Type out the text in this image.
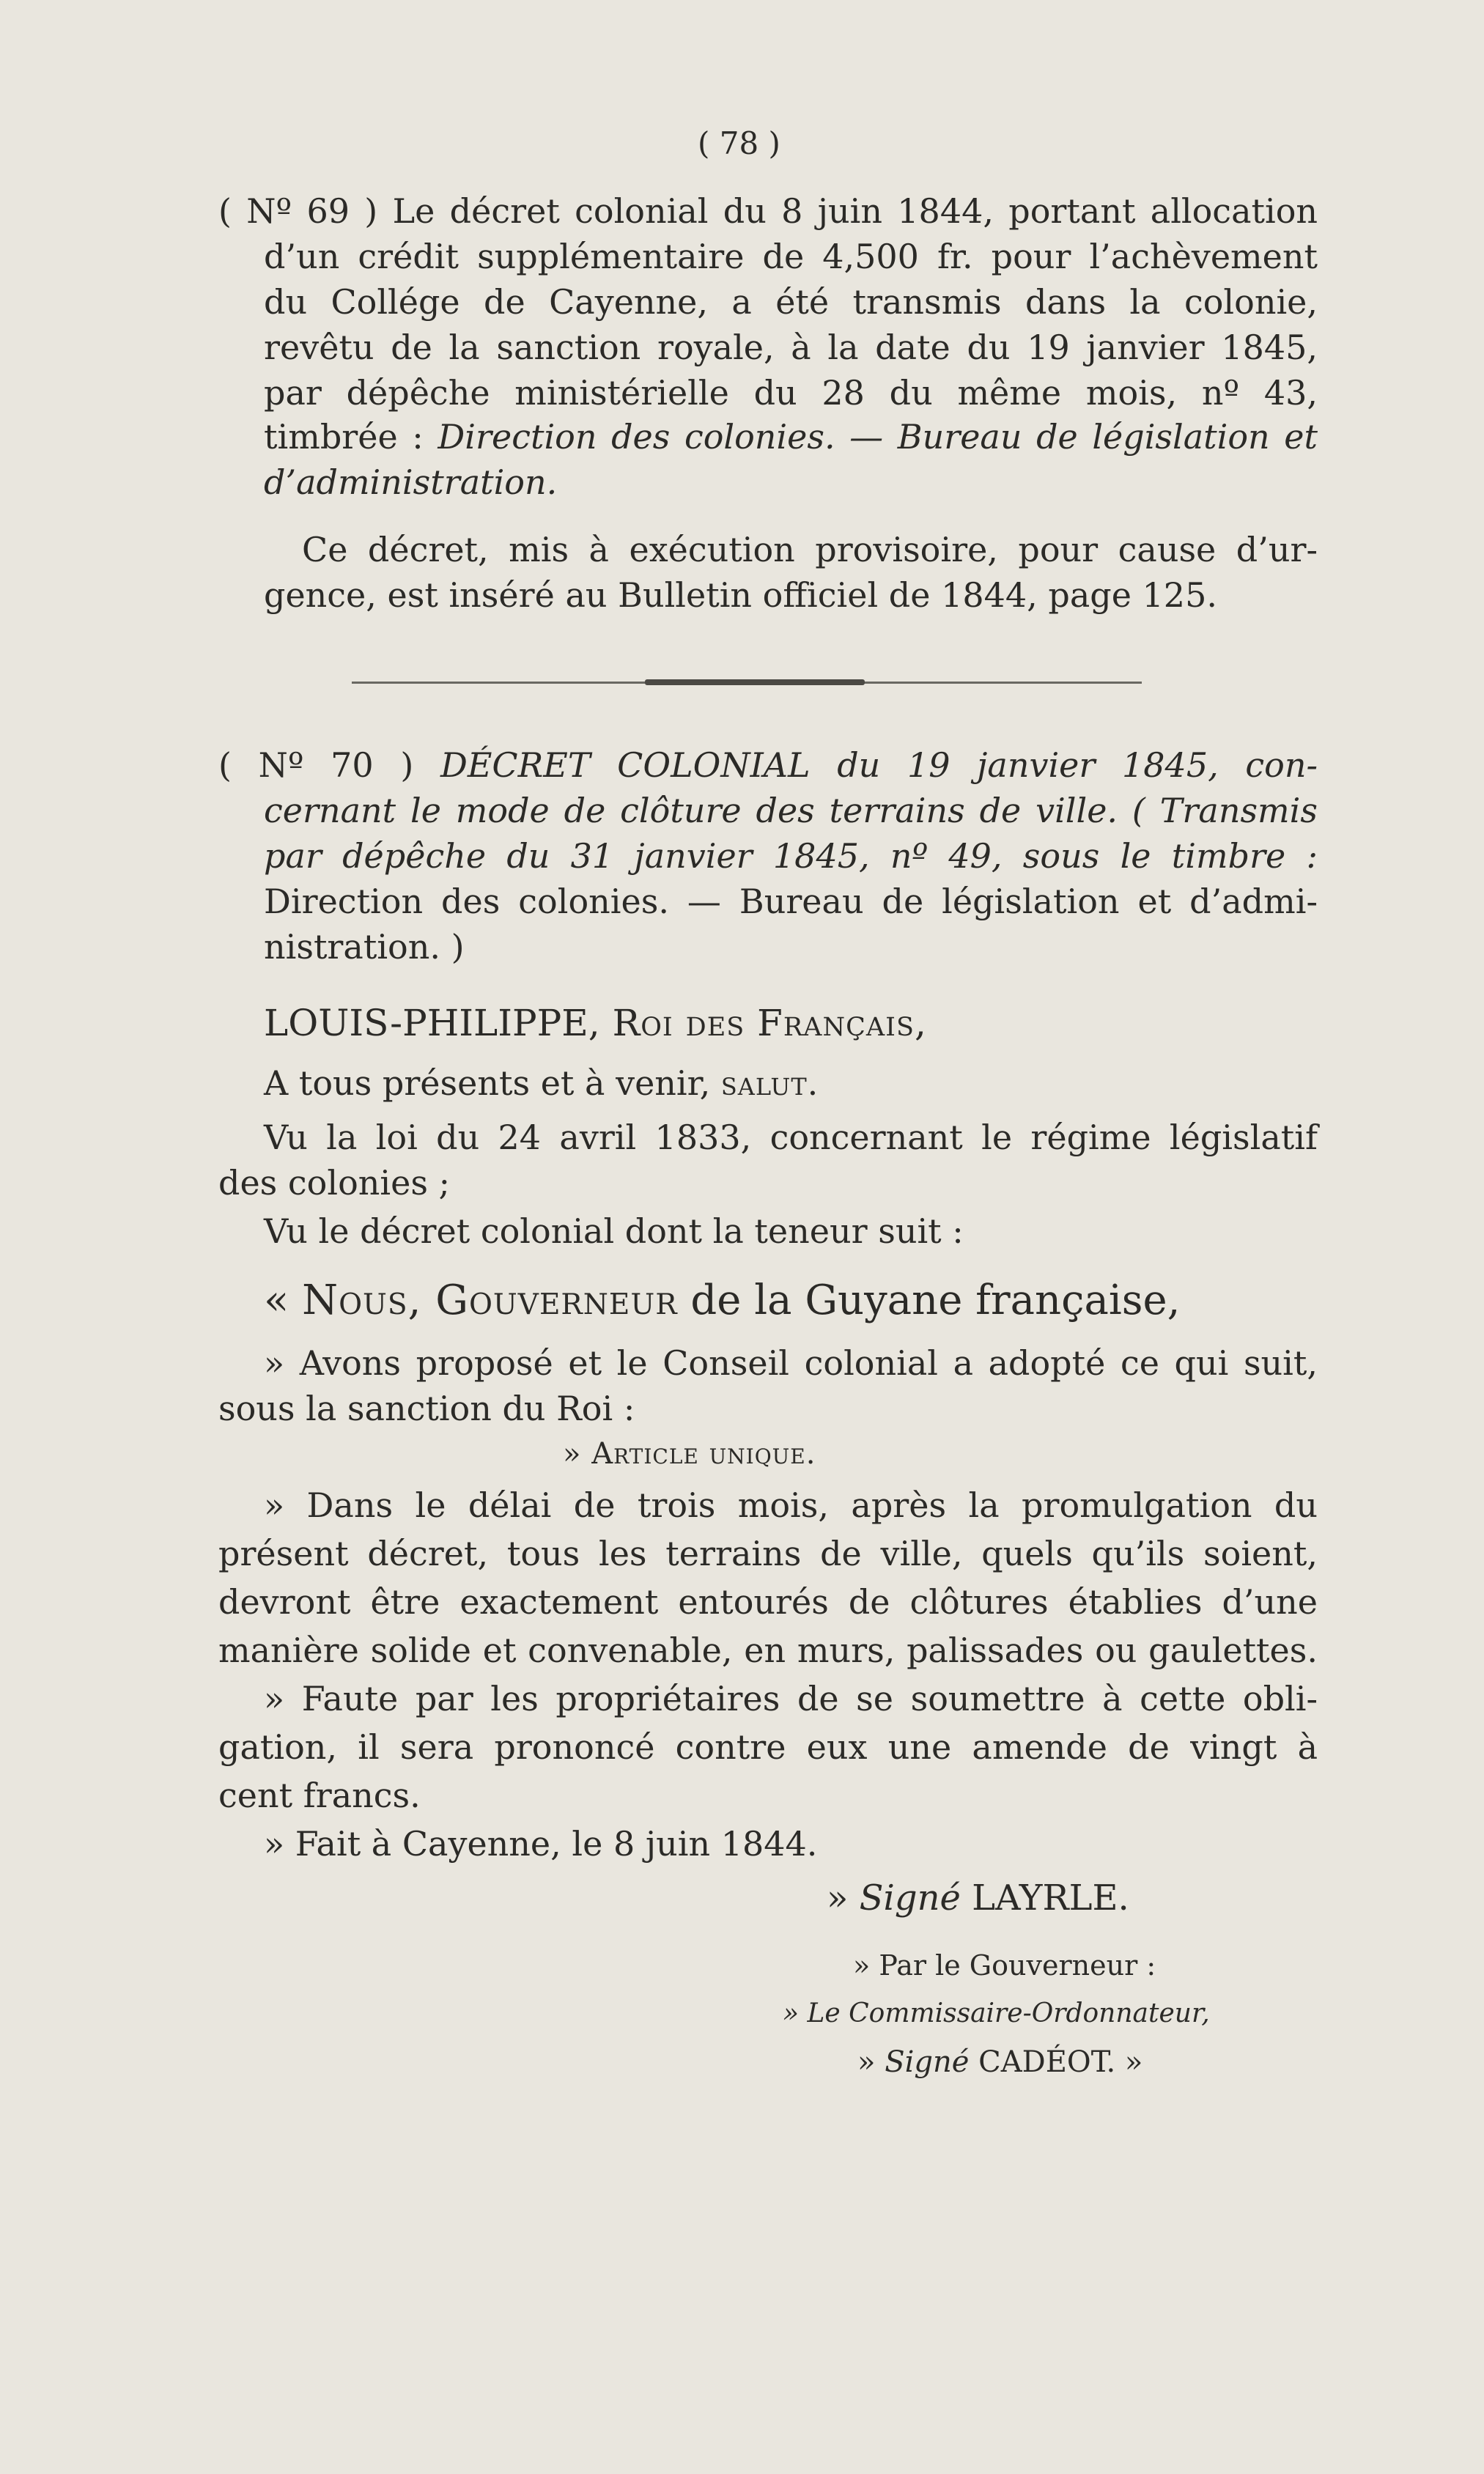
( 78 )
( Nº 69 ) Le décret colonial du 8 juin 1844, portant allocation
d’un crédit supplémentaire de 4,500 fr. pour l’achèvement
du Collége de Cayenne, a été transmis dans la colonie,
revêtu de la sanction royale, à la date du 19 janvier 1845,
par dépêche ministérielle du 28 du même mois, nº 43,
timbrée : Direction des colonies. — Bureau de législation et
d’administration.
Ce décret, mis à exécution provisoire, pour cause d’ur-
gence, est inséré au Bulletin officiel de 1844, page 125.
( Nº 70 ) DÉCRET COLONIAL du 19 janvier 1845, con-
cernant le mode de clôture des terrains de ville. ( Transmis
par dépêche du 31 janvier 1845, nº 49, sous le timbre :
Direction des colonies. — Bureau de législation et d’admi-
nistration. )
LOUIS-PHILIPPE, Roi des Français,
A tous présents et à venir, salut.
Vu la loi du 24 avril 1833, concernant le régime législatif
des colonies ;
Vu le décret colonial dont la teneur suit :
« Nous, Gouverneur de la Guyane française,
» Avons proposé et le Conseil colonial a adopté ce qui suit,
sous la sanction du Roi :
» Article unique.
» Dans le délai de trois mois, après la promulgation du
présent décret, tous les terrains de ville, quels qu’ils soient,
devront être exactement entourés de clôtures établies d’une
manière solide et convenable, en murs, palissades ou gaulettes.
» Faute par les propriétaires de se soumettre à cette obli-
gation, il sera prononcé contre eux une amende de vingt à
cent francs.
» Fait à Cayenne, le 8 juin 1844.
» Signé LAYRLE.
» Par le Gouverneur :
» Le Commissaire-Ordonnateur,
» Signé CADÉOT. »
